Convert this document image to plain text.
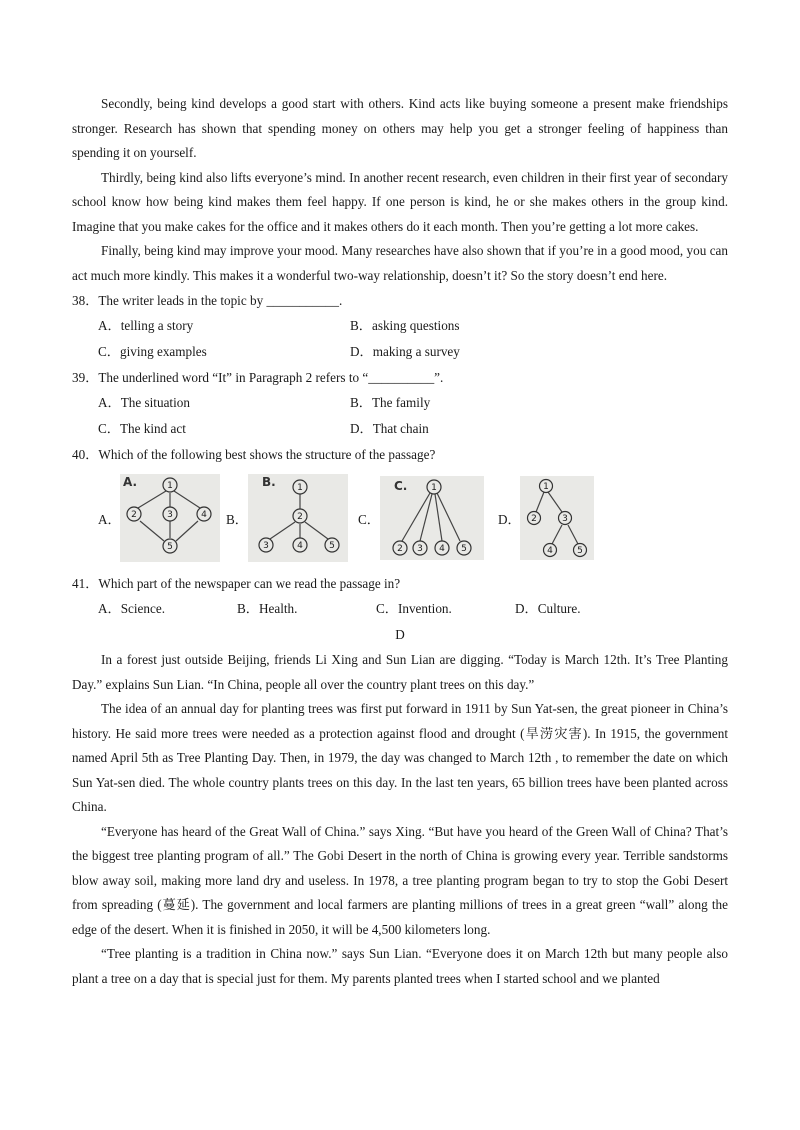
Secondly, being kind develops a good start with others. Kind acts like buying someone a present make friendships stronger. Research has shown that spending money on others may help you get a stronger feeling of happiness than spending it on yourself.

Thirdly, being kind also lifts everyone’s mind. In another recent research, even children in their first year of secondary school know how being kind makes them feel happy. If one person is kind, he or she makes others in the group kind. Imagine that you make cakes for the office and it makes others do it each month. Then you’re getting a lot more cakes.

Finally, being kind may improve your mood. Many researches have also shown that if you’re in a good mood, you can act much more kindly. This makes it a wonderful two-way relationship, doesn’t it? So the story doesn’t end here.

38．The writer leads in the topic by ___________.

A．telling a story	B．asking questions
C．giving examples	D．making a survey

39．The underlined word “It” in Paragraph 2 refers to “__________”.

A．The situation	B．The family
C．The kind act	D．That chain

40．Which of the following best shows the structure of the passage?

A．
A.	1
2	3	4
5
B．
B. 1
2
3	4	5
C．
C.	1
2 3 4 5
D．
1
2	3
4	5

41．Which part of the newspaper can we read the passage in?

A．Science.	B．Health.	C．Invention.	D．Culture.

D

In a forest just outside Beijing, friends Li Xing and Sun Lian are digging. “Today is March 12th. It’s Tree Planting Day.” explains Sun Lian. “In China, people all over the country plant trees on this day.”

The idea of an annual day for planting trees was first put forward in 1911 by Sun Yat-sen, the great pioneer in China’s history. He said more trees were needed as a protection against flood and drought (旱涝灾害). In 1915, the government named April 5th as Tree Planting Day. Then, in 1979, the day was changed to March 12th , to remember the date on which Sun Yat-sen died. The whole country plants trees on this day. In the last ten years, 65 billion trees have been planted across China.

“Everyone has heard of the Great Wall of China.” says Xing. “But have you heard of the Green Wall of China? That’s the biggest tree planting program of all.” The Gobi Desert in the north of China is growing every year. Terrible sandstorms blow away soil, making more land dry and useless. In 1978, a tree planting program began to try to stop the Gobi Desert from spreading (蔓延). The government and local farmers are planting millions of trees in a great green “wall” along the edge of the desert. When it is finished in 2050, it will be 4,500 kilometers long.

“Tree planting is a tradition in China now.” says Sun Lian. “Everyone does it on March 12th but many people also plant a tree on a day that is special just for them. My parents planted trees when I started school and we planted
